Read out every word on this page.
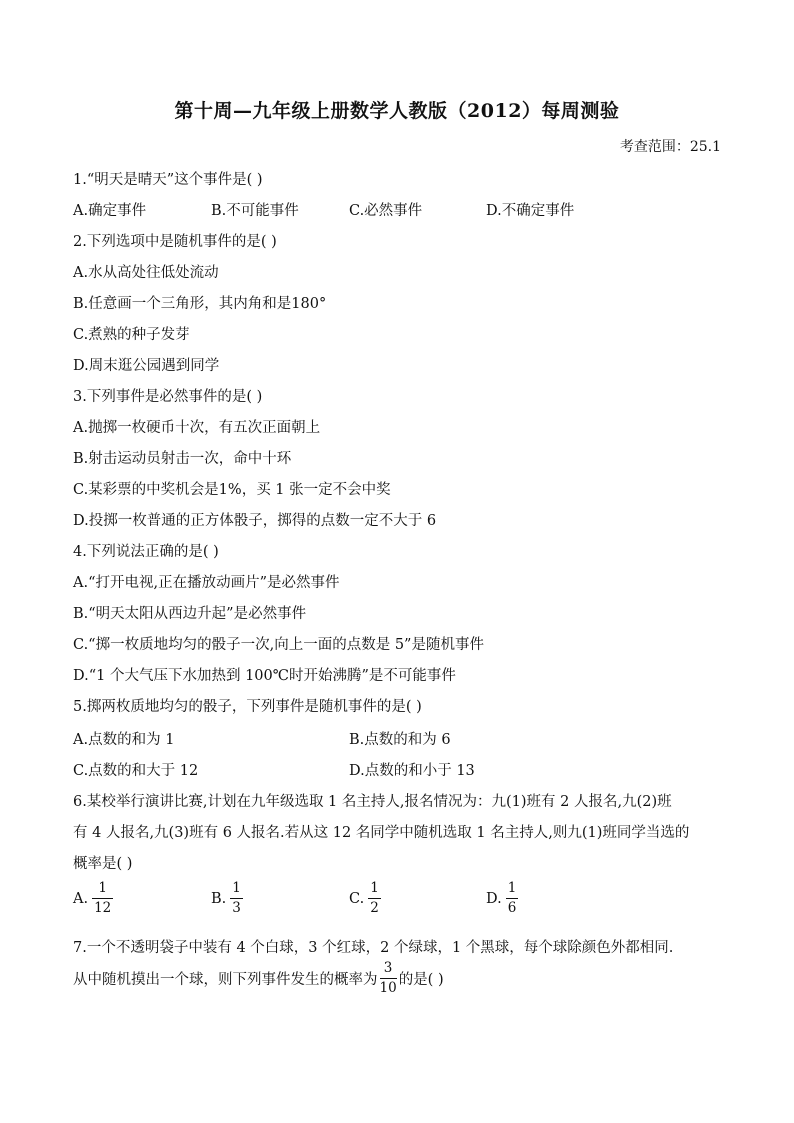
第十周—九年级上册数学人教版（2012）每周测验
考查范围：25.1
1.“明天是晴天”这个事件是( )
A.确定事件	B.不可能事件	C.必然事件	D.不确定事件
2.下列选项中是随机事件的是( )
A.水从高处往低处流动
B.任意画一个三角形，其内角和是180°
C.煮熟的种子发芽
D.周末逛公园遇到同学
3.下列事件是必然事件的是( )
A.抛掷一枚硬币十次，有五次正面朝上
B.射击运动员射击一次，命中十环
C.某彩票的中奖机会是1%，买 1 张一定不会中奖
D.投掷一枚普通的正方体骰子，掷得的点数一定不大于 6
4.下列说法正确的是( )
A.“打开电视,正在播放动画片”是必然事件
B.“明天太阳从西边升起”是必然事件
C.“掷一枚质地均匀的骰子一次,向上一面的点数是 5”是随机事件
D.“1 个大气压下水加热到 100℃时开始沸腾”是不可能事件
5.掷两枚质地均匀的骰子，下列事件是随机事件的是( )
A.点数的和为 1	B.点数的和为 6
C.点数的和大于 12	D.点数的和小于 13
6.某校举行演讲比赛,计划在九年级选取 1 名主持人,报名情况为：九(1)班有 2 人报名,九(2)班
有 4 人报名,九(3)班有 6 人报名.若从这 12 名同学中随机选取 1 名主持人,则九(1)班同学当选的
概率是( )
A. $\frac{1}{12}$	B. $\frac{1}{3}$	C. $\frac{1}{2}$	D. $\frac{1}{6}$
7.一个不透明袋子中装有 4 个白球，3 个红球，2 个绿球，1 个黑球，每个球除颜色外都相同.
从中随机摸出一个球，则下列事件发生的概率为 $\frac{3}{10}$ 的是( )
